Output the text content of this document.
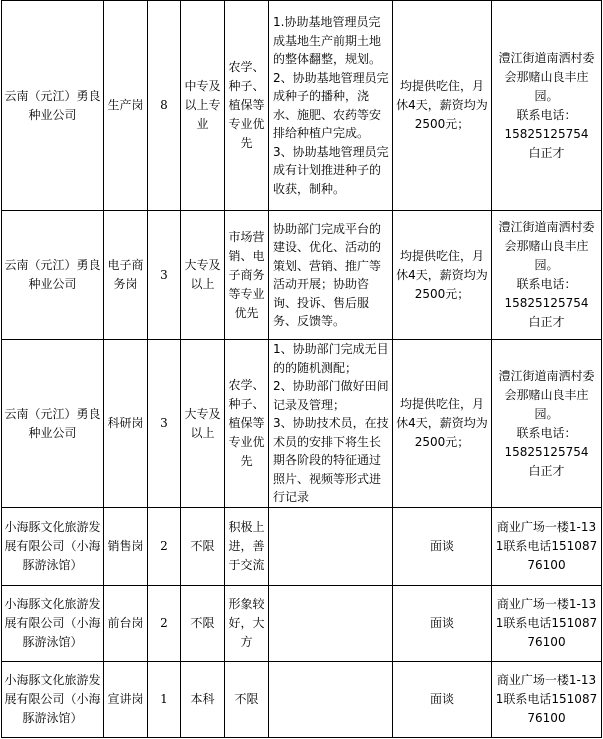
云南（元江）勇良种业公司	生产岗	8	中专及以上专业	农学、种子、植保等专业优先	1.协助基地管理员完成基地生产前期土地的整体翻整，规划。
2、协助基地管理员完成种子的播种，浇水、施肥、农药等安排给种植户完成。
3、协助基地管理员完成有计划推进种子的收获，制种。	均提供吃住，月休4天，薪资均为2500元；	澧江街道南洒村委会那赌山良丰庄园。
联系电话：
15825125754
白正才

云南（元江）勇良种业公司	电子商务岗	3	大专及以上	市场营销、电子商务等专业优先	协助部门完成平台的建设、优化、活动的策划、营销、推广等活动开展；协助咨询、投诉、售后服务、反馈等。	均提供吃住，月休4天，薪资均为2500元；	澧江街道南洒村委会那赌山良丰庄园。
联系电话：
15825125754
白正才

云南（元江）勇良种业公司	科研岗	3	大专及以上	农学、种子、植保等专业优先	1、协助部门完成无目的的随机测配；
2、协助部门做好田间记录及管理；
3、协助技术员，在技术员的安排下将生长期各阶段的特征通过照片、视频等形式进行记录	均提供吃住，月休4天，薪资均为2500元；	澧江街道南洒村委会那赌山良丰庄园。
联系电话：
15825125754
白正才

小海豚文化旅游发展有限公司（小海豚游泳馆）	销售岗	2	不限	积极上进，善于交流		面谈	商业广场一楼1-131联系电话15108776100

小海豚文化旅游发展有限公司（小海豚游泳馆）	前台岗	2	不限	形象较好，大方		面谈	商业广场一楼1-131联系电话15108776100

小海豚文化旅游发展有限公司（小海豚游泳馆）	宣讲岗	1	本科	不限		面谈	商业广场一楼1-131联系电话15108776100
